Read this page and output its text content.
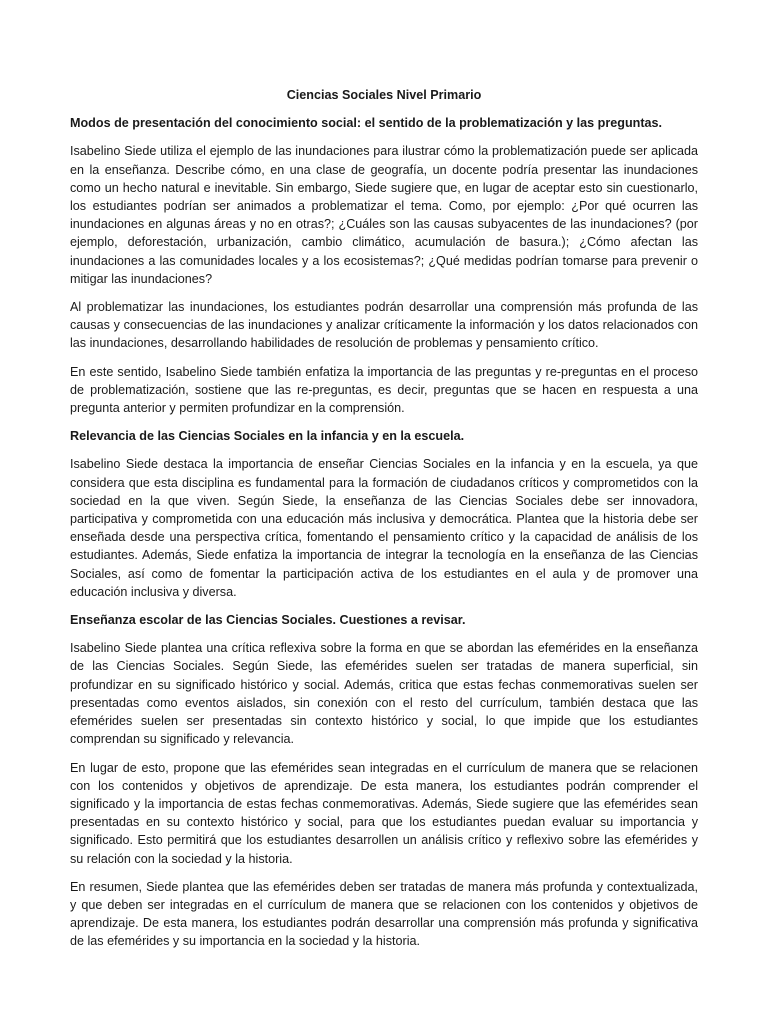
Ciencias Sociales Nivel Primario
Modos de presentación del conocimiento social: el sentido de la problematización y las preguntas.

Isabelino Siede utiliza el ejemplo de las inundaciones para ilustrar cómo la problematización puede ser aplicada en la enseñanza. Describe cómo, en una clase de geografía, un docente podría presentar las inundaciones como un hecho natural e inevitable. Sin embargo, Siede sugiere que, en lugar de aceptar esto sin cuestionarlo, los estudiantes podrían ser animados a problematizar el tema. Como, por ejemplo: ¿Por qué ocurren las inundaciones en algunas áreas y no en otras?; ¿Cuáles son las causas subyacentes de las inundaciones? (por ejemplo, deforestación, urbanización, cambio climático, acumulación de basura.); ¿Cómo afectan las inundaciones a las comunidades locales y a los ecosistemas?; ¿Qué medidas podrían tomarse para prevenir o mitigar las inundaciones?

Al problematizar las inundaciones, los estudiantes podrán desarrollar una comprensión más profunda de las causas y consecuencias de las inundaciones y analizar críticamente la información y los datos relacionados con las inundaciones, desarrollando habilidades de resolución de problemas y pensamiento crítico.

En este sentido, Isabelino Siede también enfatiza la importancia de las preguntas y re-preguntas en el proceso de problematización, sostiene que las re-preguntas, es decir, preguntas que se hacen en respuesta a una pregunta anterior y permiten profundizar en la comprensión.

Relevancia de las Ciencias Sociales en la infancia y en la escuela.

Isabelino Siede destaca la importancia de enseñar Ciencias Sociales en la infancia y en la escuela, ya que considera que esta disciplina es fundamental para la formación de ciudadanos críticos y comprometidos con la sociedad en la que viven. Según Siede, la enseñanza de las Ciencias Sociales debe ser innovadora, participativa y comprometida con una educación más inclusiva y democrática. Plantea que la historia debe ser enseñada desde una perspectiva crítica, fomentando el pensamiento crítico y la capacidad de análisis de los estudiantes. Además, Siede enfatiza la importancia de integrar la tecnología en la enseñanza de las Ciencias Sociales, así como de fomentar la participación activa de los estudiantes en el aula y de promover una educación inclusiva y diversa.

Enseñanza escolar de las Ciencias Sociales. Cuestiones a revisar.

Isabelino Siede plantea una crítica reflexiva sobre la forma en que se abordan las efemérides en la enseñanza de las Ciencias Sociales. Según Siede, las efemérides suelen ser tratadas de manera superficial, sin profundizar en su significado histórico y social. Además, critica que estas fechas conmemorativas suelen ser presentadas como eventos aislados, sin conexión con el resto del currículum, también destaca que las efemérides suelen ser presentadas sin contexto histórico y social, lo que impide que los estudiantes comprendan su significado y relevancia.

En lugar de esto, propone que las efemérides sean integradas en el currículum de manera que se relacionen con los contenidos y objetivos de aprendizaje. De esta manera, los estudiantes podrán comprender el significado y la importancia de estas fechas conmemorativas. Además, Siede sugiere que las efemérides sean presentadas en su contexto histórico y social, para que los estudiantes puedan evaluar su importancia y significado. Esto permitirá que los estudiantes desarrollen un análisis crítico y reflexivo sobre las efemérides y su relación con la sociedad y la historia.

En resumen, Siede plantea que las efemérides deben ser tratadas de manera más profunda y contextualizada, y que deben ser integradas en el currículum de manera que se relacionen con los contenidos y objetivos de aprendizaje. De esta manera, los estudiantes podrán desarrollar una comprensión más profunda y significativa de las efemérides y su importancia en la sociedad y la historia.
